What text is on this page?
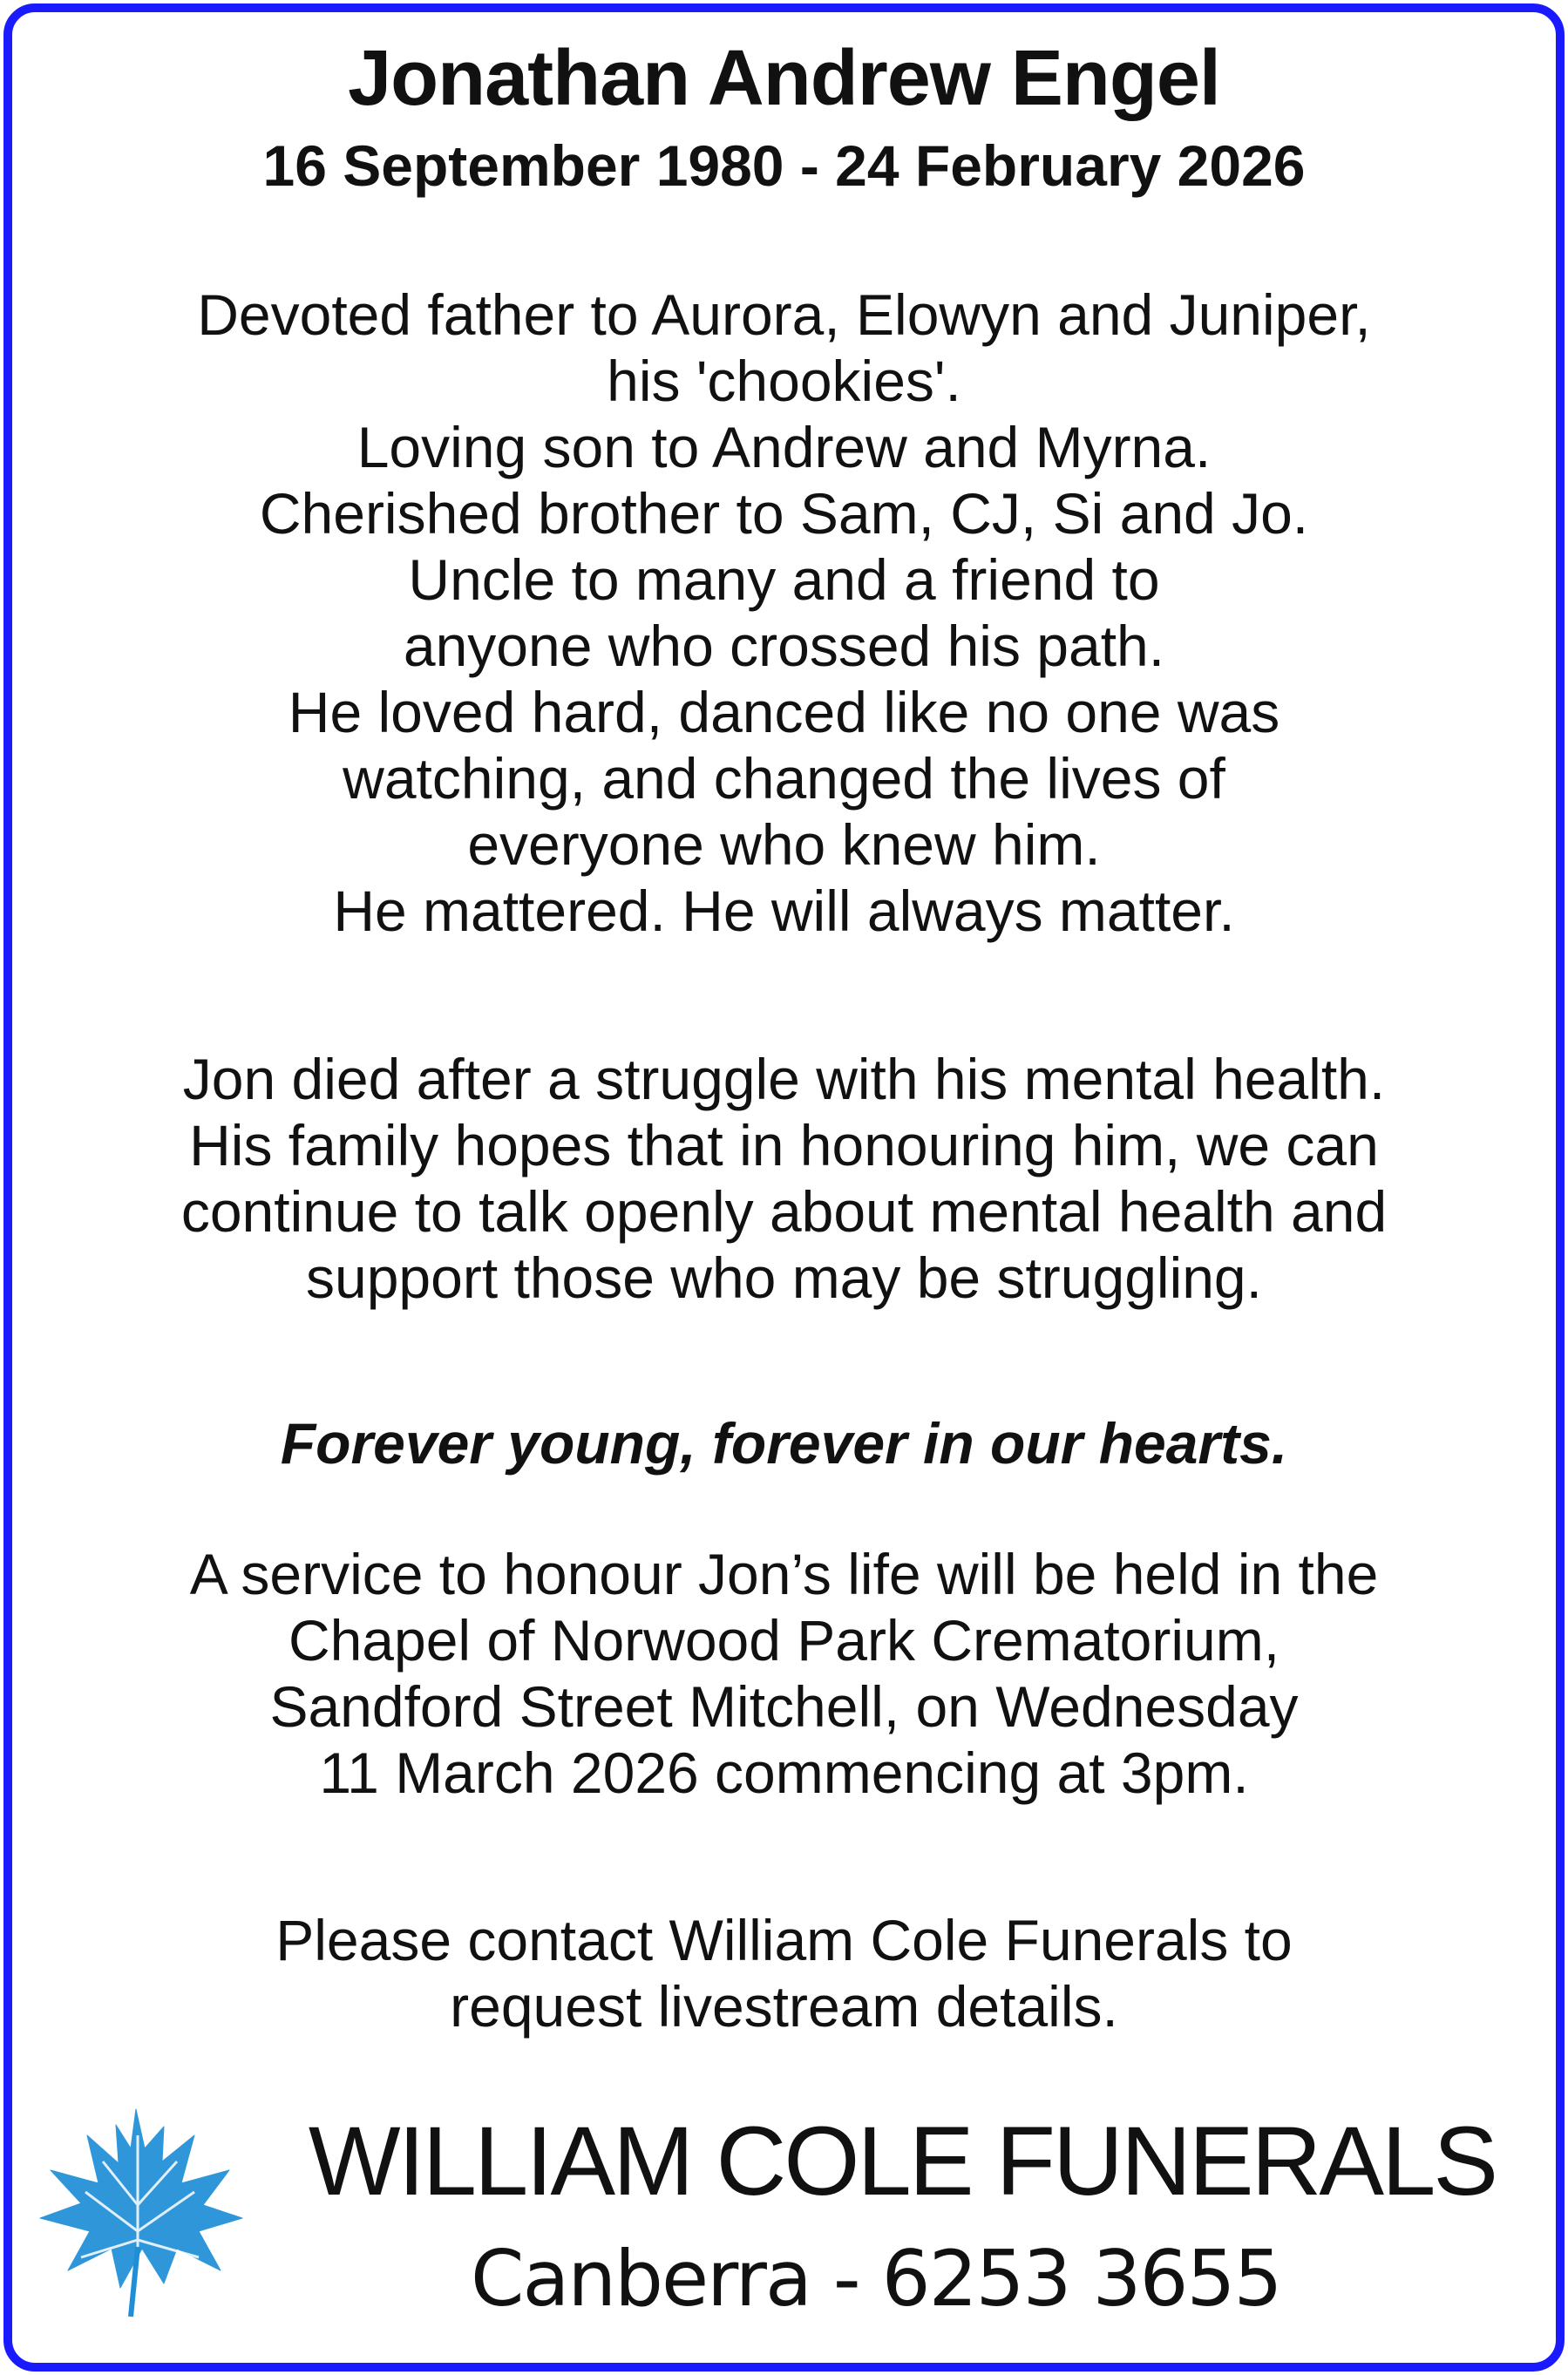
Jonathan Andrew Engel
16 September 1980 - 24 February 2026
Devoted father to Aurora, Elowyn and Juniper,
his 'chookies'.
Loving son to Andrew and Myrna.
Cherished brother to Sam, CJ, Si and Jo.
Uncle to many and a friend to
anyone who crossed his path.
He loved hard, danced like no one was
watching, and changed the lives of
everyone who knew him.
He mattered. He will always matter.
Jon died after a struggle with his mental health.
His family hopes that in honouring him, we can
continue to talk openly about mental health and
support those who may be struggling.
Forever young, forever in our hearts.
A service to honour Jon’s life will be held in the
Chapel of Norwood Park Crematorium,
Sandford Street Mitchell, on Wednesday
11 March 2026 commencing at 3pm.
Please contact William Cole Funerals to
request livestream details.
WILLIAM COLE FUNERALS
Canberra - 6253 3655
